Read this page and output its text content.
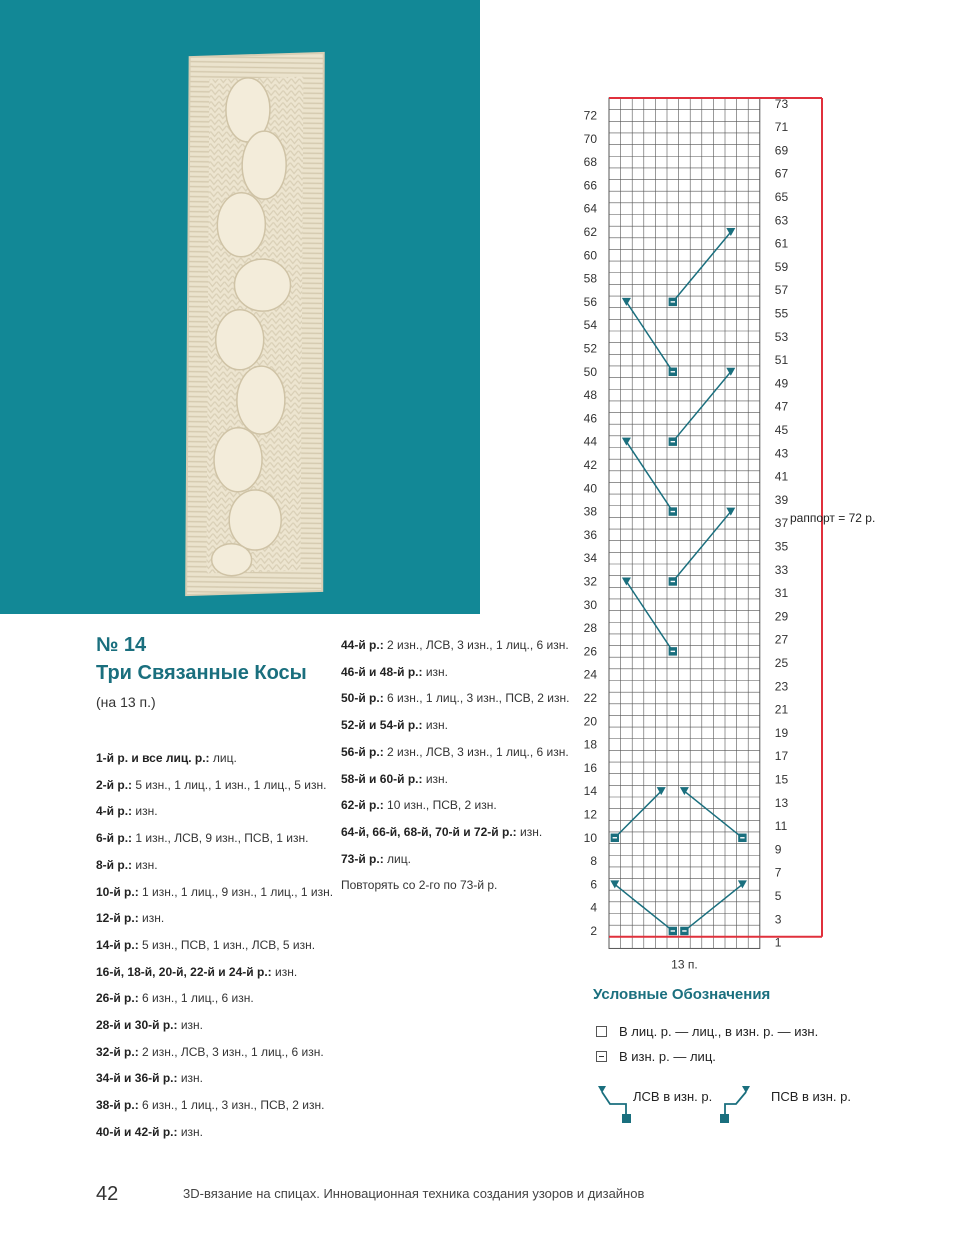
№ 14
Три Связанные Косы
(на 13 п.)
1-й р. и все лиц. р.: лиц.
2-й р.: 5 изн., 1 лиц., 1 изн., 1 лиц., 5 изн.
4-й р.: изн.
6-й р.: 1 изн., ЛСВ, 9 изн., ПСВ, 1 изн.
8-й р.: изн.
10-й р.: 1 изн., 1 лиц., 9 изн., 1 лиц., 1 изн.
12-й р.: изн.
14-й р.: 5 изн., ПСВ, 1 изн., ЛСВ, 5 изн.
16-й, 18-й, 20-й, 22-й и 24-й р.: изн.
26-й р.: 6 изн., 1 лиц., 6 изн.
28-й и 30-й р.: изн.
32-й р.: 2 изн., ЛСВ, 3 изн., 1 лиц., 6 изн.
34-й и 36-й р.: изн.
38-й р.: 6 изн., 1 лиц., 3 изн., ПСВ, 2 изн.
40-й и 42-й р.: изн.
44-й р.: 2 изн., ЛСВ, 3 изн., 1 лиц., 6 изн.
46-й и 48-й р.: изн.
50-й р.: 6 изн., 1 лиц., 3 изн., ПСВ, 2 изн.
52-й и 54-й р.: изн.
56-й р.: 2 изн., ЛСВ, 3 изн., 1 лиц., 6 изн.
58-й и 60-й р.: изн.
62-й р.: 10 изн., ПСВ, 2 изн.
64-й, 66-й, 68-й, 70-й и 72-й р.: изн.
73-й р.: лиц.
Повторять со 2-го по 73-й р.
2
4
6
8
10
12
14
16
18
20
22
24
26
28
30
32
34
36
38
40
42
44
46
48
50
52
54
56
58
60
62
64
66
68
70
72
1
3
5
7
9
11
13
15
17
19
21
23
25
27
29
31
33
35
37
39
41
43
45
47
49
51
53
55
57
59
61
63
65
67
69
71
73
13 п.
раппорт = 72 р.
Условные Обозначения
В лиц. р. — лиц., в изн. р. — изн.
В изн. р. — лиц.
ЛСВ в изн. р.	ПСВ в изн. р.
42	3D-вязание на спицах. Инновационная техника создания узоров и дизайнов
